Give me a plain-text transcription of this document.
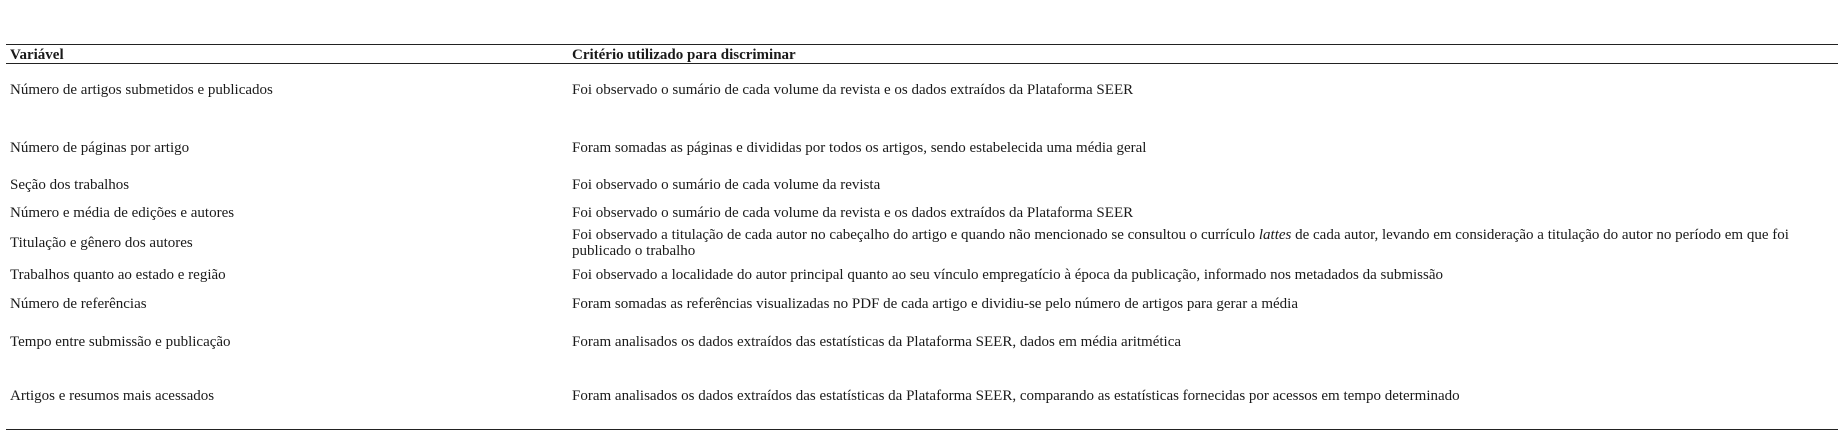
Variável	Critério utilizado para discriminar
Número de artigos submetidos e publicados	Foi observado o sumário de cada volume da revista e os dados extraídos da Plataforma SEER
Número de páginas por artigo	Foram somadas as páginas e divididas por todos os artigos, sendo estabelecida uma média geral
Seção dos trabalhos	Foi observado o sumário de cada volume da revista
Número e média de edições e autores	Foi observado o sumário de cada volume da revista e os dados extraídos da Plataforma SEER
Titulação e gênero dos autores	Foi observado a titulação de cada autor no cabeçalho do artigo e quando não mencionado se consultou o currículo lattes de cada autor, levando em consideração a titulação do autor no período em que foi publicado o trabalho
Trabalhos quanto ao estado e região	Foi observado a localidade do autor principal quanto ao seu vínculo empregatício à época da publicação, informado nos metadados da submissão
Número de referências	Foram somadas as referências visualizadas no PDF de cada artigo e dividiu-se pelo número de artigos para gerar a média
Tempo entre submissão e publicação	Foram analisados os dados extraídos das estatísticas da Plataforma SEER, dados em média aritmética
Artigos e resumos mais acessados	Foram analisados os dados extraídos das estatísticas da Plataforma SEER, comparando as estatísticas fornecidas por acessos em tempo determinado
